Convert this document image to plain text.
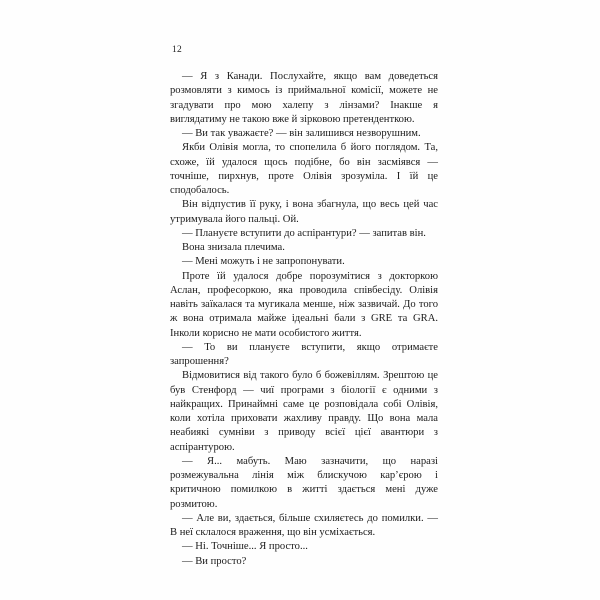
12

— Я з Канади. Послухайте, якщо вам доведеться розмовляти з кимось із приймальної комісії, можете не згадувати про мою халепу з лінзами? Інакше я виглядатиму не такою вже й зірковою претенденткою.

— Ви так уважаєте? — він залишився незворушним.

Якби Олівія могла, то спопелила б його поглядом. Та, схоже, їй удалося щось подібне, бо він засміявся — точніше, пирхнув, проте Олівія зрозуміла. І їй це сподобалось.

Він відпустив її руку, і вона збагнула, що весь цей час утримувала його пальці. Ой.

— Плануєте вступити до аспірантури? — запитав він.

Вона знизала плечима.

— Мені можуть і не запропонувати.

Проте їй удалося добре порозумітися з докторкою Аслан, професоркою, яка проводила співбесіду. Олівія навіть заїкалася та мугикала менше, ніж зазвичай. До того ж вона отримала майже ідеальні бали з GRE та GRA. Інколи корисно не мати особистого життя.

— То ви плануєте вступити, якщо отримаєте запрошення?

Відмовитися від такого було б божевіллям. Зрештою це був Стенфорд — чиї програми з біології є одними з найкращих. Принаймні саме це розповідала собі Олівія, коли хотіла приховати жахливу правду. Що вона мала неабиякі сумніви з приводу всієї цієї авантюри з аспірантурою.

— Я... мабуть. Маю зазначити, що наразі розмежувальна лінія між блискучою кар’єрою і критичною помилкою в житті здається мені дуже розмитою.

— Але ви, здається, більше схиляєтесь до помилки. — В неї склалося враження, що він усміхається.

— Ні. Точніше... Я просто...

— Ви просто?
